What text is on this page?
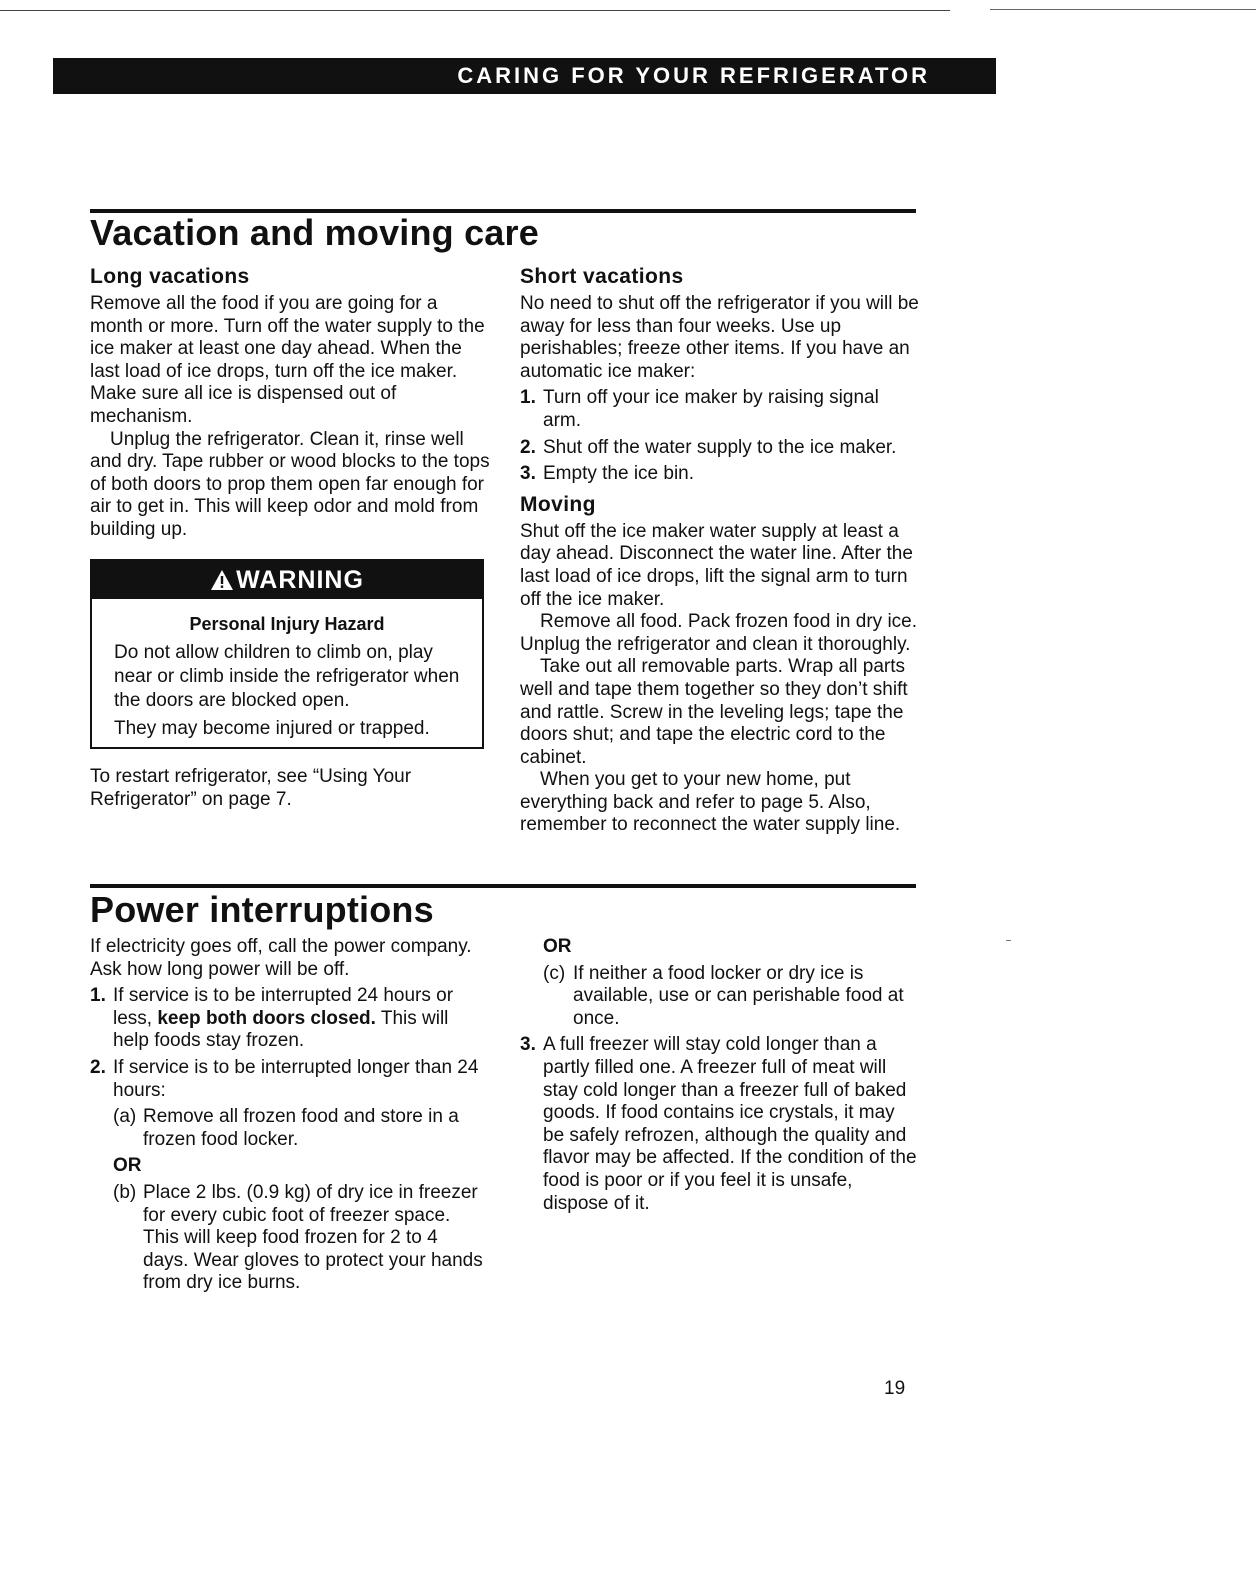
CARING FOR YOUR REFRIGERATOR
Vacation and moving care
Long vacations

Remove all the food if you are going for a month or more. Turn off the water supply to the ice maker at least one day ahead. When the last load of ice drops, turn off the ice maker. Make sure all ice is dispensed out of mechanism.

Unplug the refrigerator. Clean it, rinse well and dry. Tape rubber or wood blocks to the tops of both doors to prop them open far enough for air to get in. This will keep odor and mold from building up.

WARNING
Personal Injury Hazard

Do not allow children to climb on, play near or climb inside the refrigerator when the doors are blocked open.

They may become injured or trapped.

To restart refrigerator, see “Using Your Refrigerator” on page 7.

Short vacations

No need to shut off the refrigerator if you will be away for less than four weeks. Use up perishables; freeze other items. If you have an automatic ice maker:

1. Turn off your ice maker by raising signal arm.
2. Shut off the water supply to the ice maker.
3. Empty the ice bin.
Moving

Shut off the ice maker water supply at least a day ahead. Disconnect the water line. After the last load of ice drops, lift the signal arm to turn off the ice maker.

Remove all food. Pack frozen food in dry ice. Unplug the refrigerator and clean it thoroughly.

Take out all removable parts. Wrap all parts well and tape them together so they don’t shift and rattle. Screw in the leveling legs; tape the doors shut; and tape the electric cord to the cabinet.

When you get to your new home, put everything back and refer to page 5. Also, remember to reconnect the water supply line.

Power interruptions

If electricity goes off, call the power company. Ask how long power will be off.

1. If service is to be interrupted 24 hours or less, keep both doors closed. This will help foods stay frozen.
2. If service is to be interrupted longer than 24 hours:
(a) Remove all frozen food and store in a frozen food locker.
OR
(b) Place 2 lbs. (0.9 kg) of dry ice in freezer for every cubic foot of freezer space. This will keep food frozen for 2 to 4 days. Wear gloves to protect your hands from dry ice burns.
OR
(c) If neither a food locker or dry ice is available, use or can perishable food at once.
3. A full freezer will stay cold longer than a partly filled one. A freezer full of meat will stay cold longer than a freezer full of baked goods. If food contains ice crystals, it may be safely refrozen, although the quality and flavor may be affected. If the condition of the food is poor or if you feel it is unsafe, dispose of it.
19
